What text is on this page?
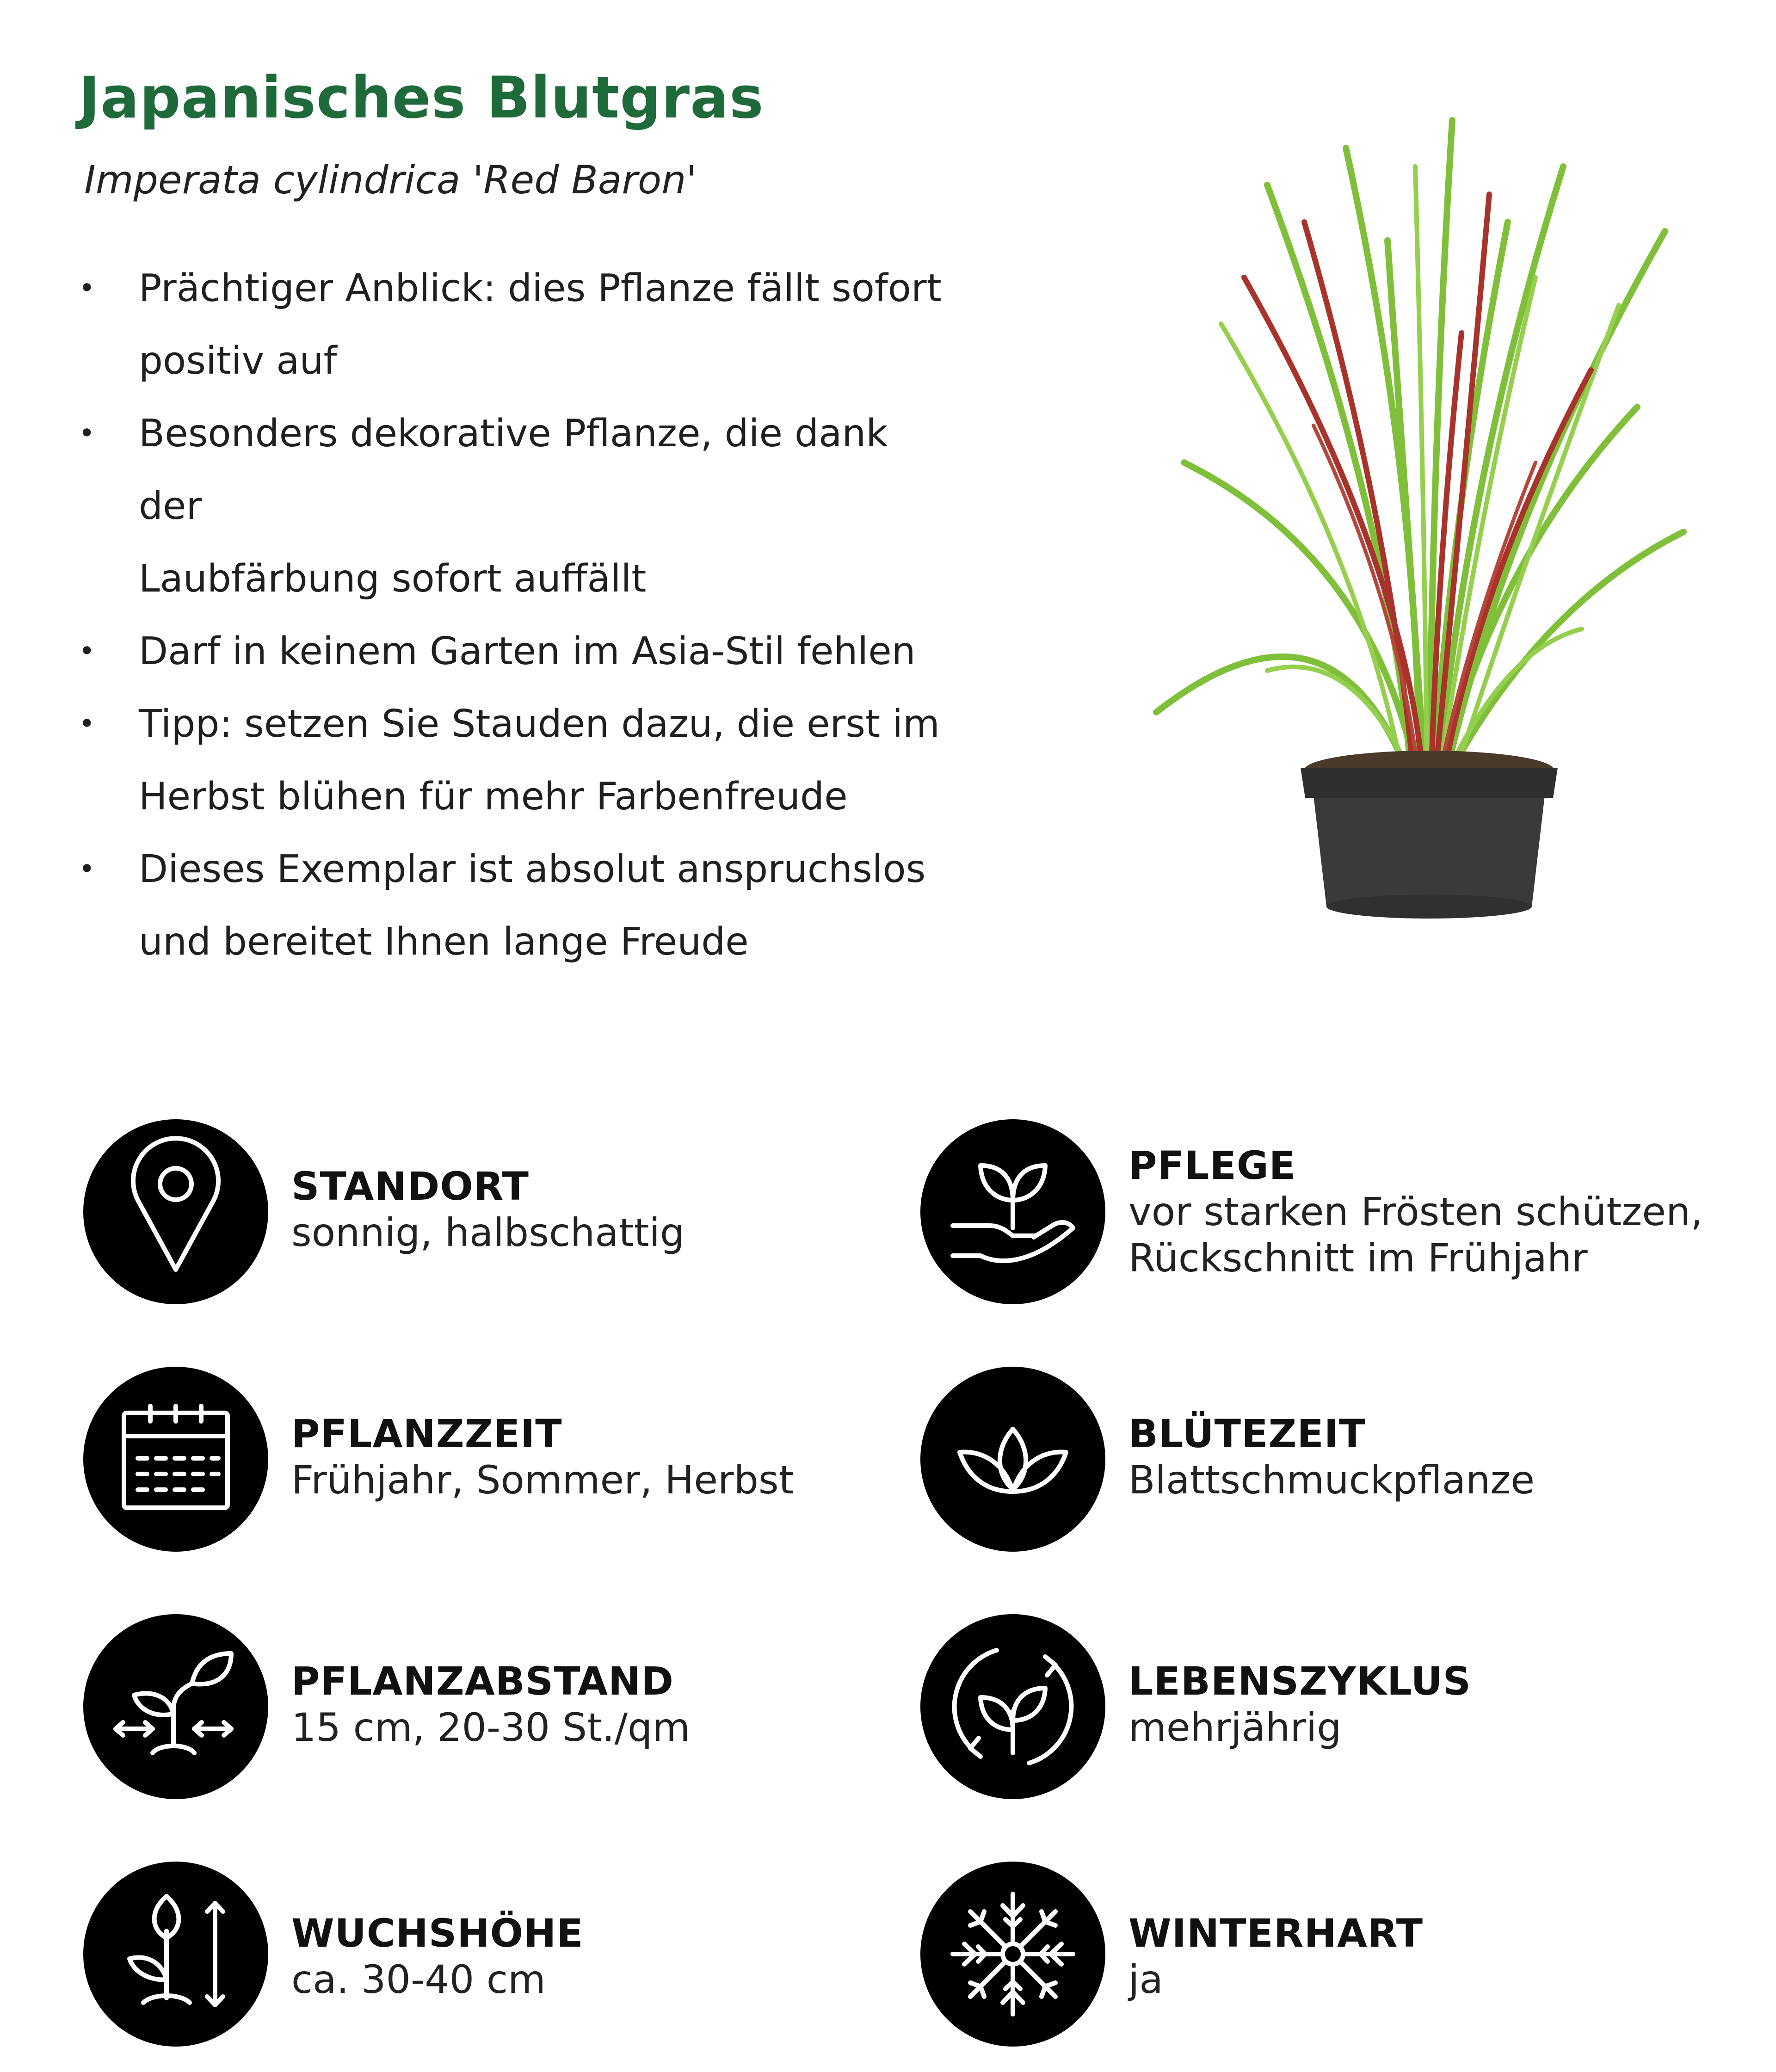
Japanisches Blutgras
Imperata cylindrica 'Red Baron'
• Prächtiger Anblick: dies Pflanze fällt sofort
positiv auf
• Besonders dekorative Pflanze, die dank der
Laubfärbung sofort auffällt
• Darf in keinem Garten im Asia-Stil fehlen
• Tipp: setzen Sie Stauden dazu, die erst im
Herbst blühen für mehr Farbenfreude
• Dieses Exemplar ist absolut anspruchslos
und bereitet Ihnen lange Freude
STANDORT
sonnig, halbschattig
PFLEGE
vor starken Frösten schützen,
Rückschnitt im Frühjahr
PFLANZZEIT
Frühjahr, Sommer, Herbst
BLÜTEZEIT
Blattschmuckpflanze
PFLANZABSTAND
15 cm, 20-30 St./qm
LEBENSZYKLUS
mehrjährig
WUCHSHÖHE
ca. 30-40 cm
WINTERHART
ja
